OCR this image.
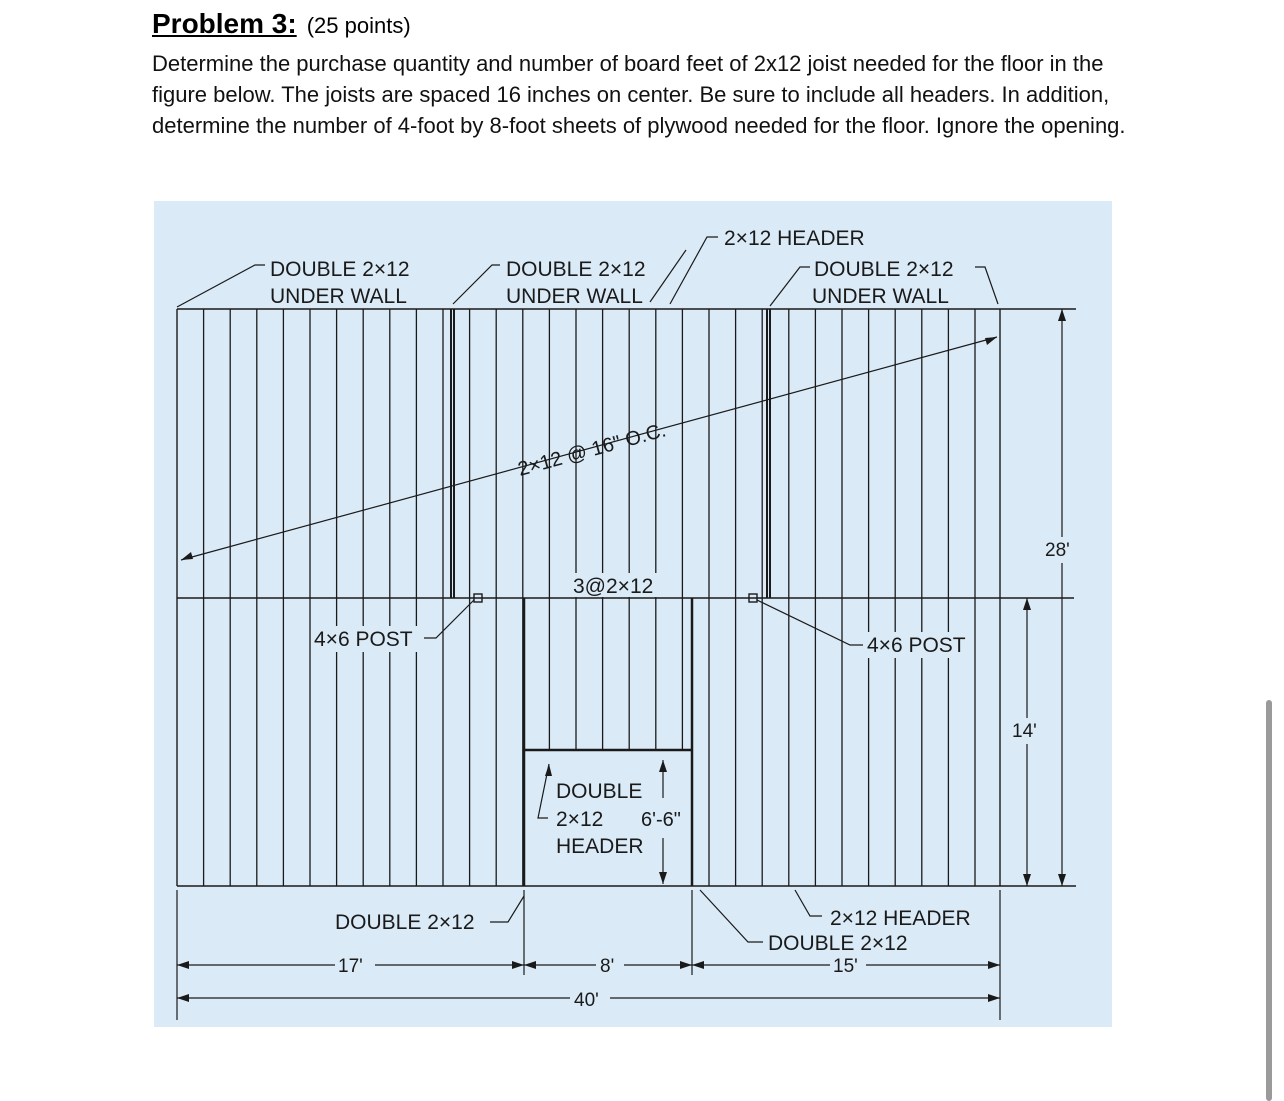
Problem 3: (25 points)
Determine the purchase quantity and number of board feet of 2x12 joist needed for the floor in the figure below. The joists are spaced 16 inches on center. Be sure to include all headers. In addition, determine the number of 4-foot by 8-foot sheets of plywood needed for the floor. Ignore the opening.
DOUBLE 2×12
UNDER WALL
DOUBLE 2×12
UNDER WALL
2×12 HEADER
DOUBLE 2×12
UNDER WALL
2×12 @ 16" O.C.
3@2×12
4×6 POST	4×6 POST
DOUBLE
2×12
HEADER
6'-6"
DOUBLE 2×12	2×12 HEADER
DOUBLE 2×12
17'	8'	15'
40'
28'
14'
